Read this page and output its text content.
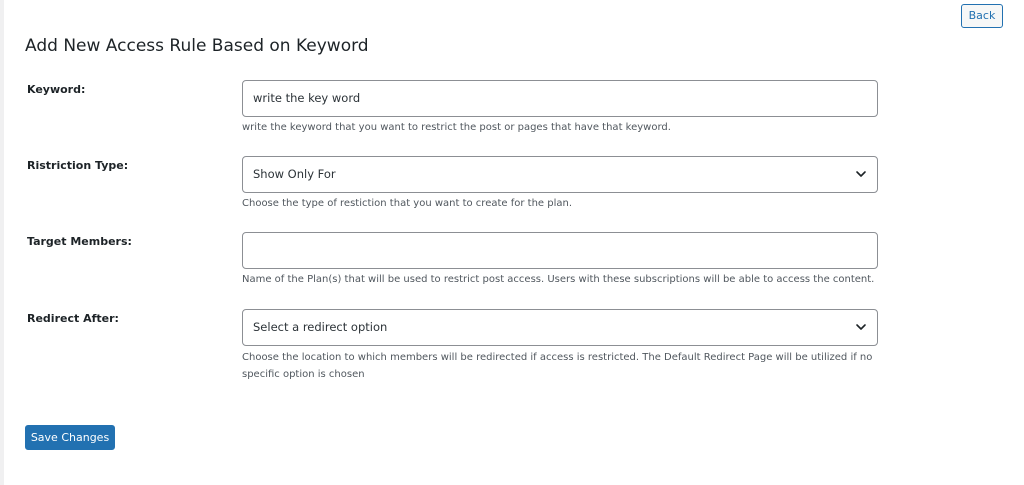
Back
Add New Access Rule Based on Keyword
Keyword:
write the key word
write the keyword that you want to restrict the post or pages that have that keyword.
Ristriction Type:
Show Only For
Choose the type of restiction that you want to create for the plan.
Target Members:
Name of the Plan(s) that will be used to restrict post access. Users with these subscriptions will be able to access the content.
Redirect After:
Select a redirect option
Choose the location to which members will be redirected if access is restricted. The Default Redirect Page will be utilized if no specific option is chosen
Save Changes
